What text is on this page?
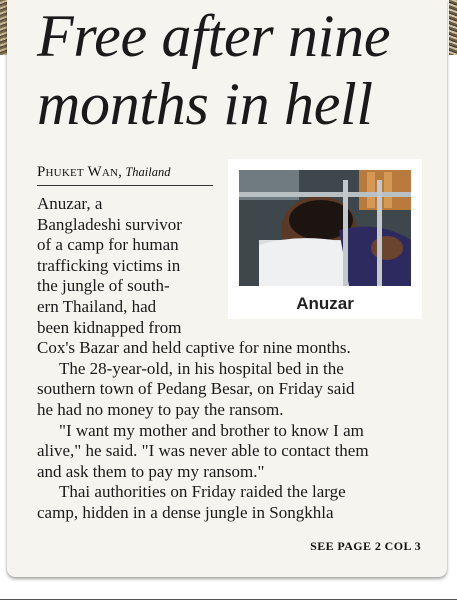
Free after nine
months in hell
Phuket Wan, Thailand
Anuzar

Anuzar, a
Bangladeshi survivor
of a camp for human
trafficking victims in
the jungle of south-
ern Thailand, had
been kidnapped from
Cox's Bazar and held captive for nine months.

The 28-year-old, in his hospital bed in the
southern town of Pedang Besar, on Friday said
he had no money to pay the ransom.

"I want my mother and brother to know I am
alive," he said. "I was never able to contact them
and ask them to pay my ransom."

Thai authorities on Friday raided the large
camp, hidden in a dense jungle in Songkhla

SEE PAGE 2 COL 3
